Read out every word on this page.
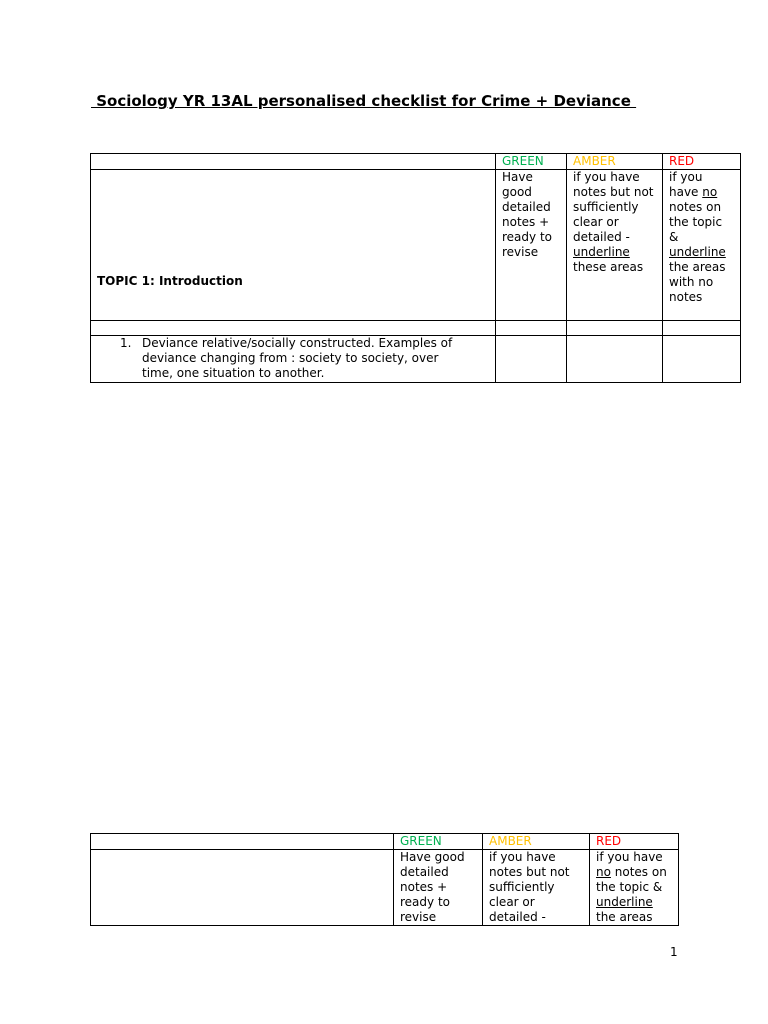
Sociology YR 13AL personalised checklist for Crime + Deviance
	GREEN	AMBER	RED
TOPIC 1: Introduction	Have good detailed notes + ready to revise	if you have notes but not sufficiently clear or detailed - underline these areas	if you have no notes on the topic & underline the areas with no notes

1. Deviance relative/socially constructed. Examples of deviance changing from : society to society, over time, one situation to another.			

	GREEN	AMBER	RED
	Have good detailed notes + ready to revise	if you have notes but not sufficiently clear or detailed -	if you have no notes on the topic & underline the areas
1
